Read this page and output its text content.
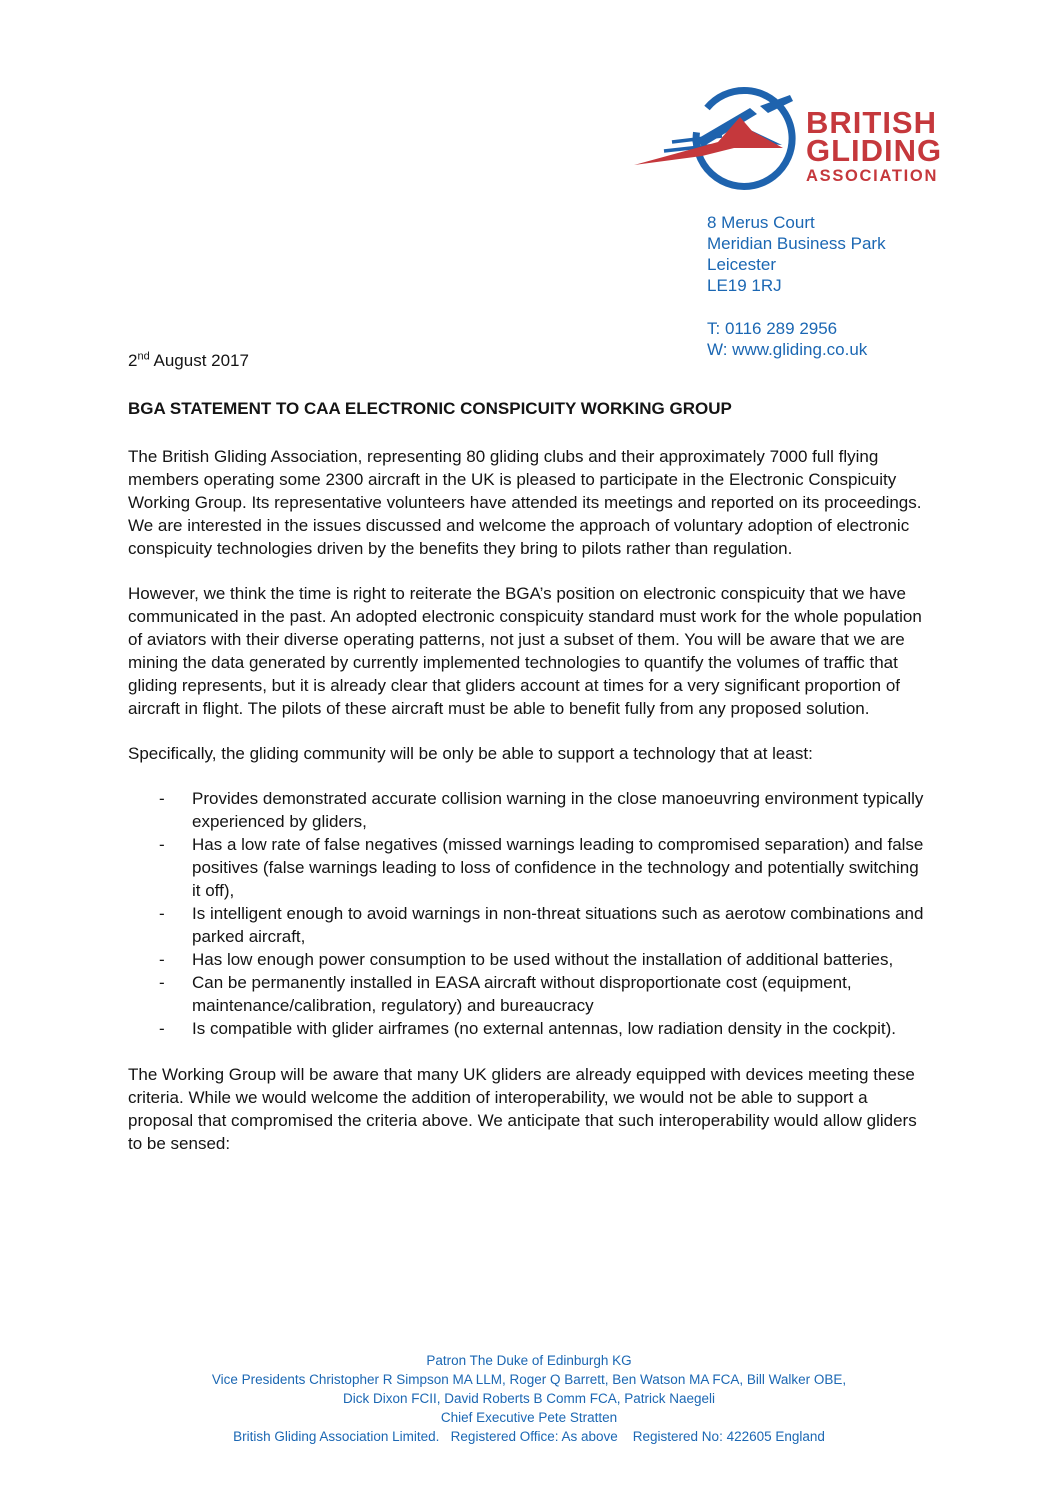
BRITISH
GLIDING
ASSOCIATION
8 Merus Court
Meridian Business Park
Leicester
LE19 1RJ
T: 0116 289 2956
W: www.gliding.co.uk
2nd August 2017
BGA STATEMENT TO CAA ELECTRONIC CONSPICUITY WORKING GROUP

The British Gliding Association, representing 80 gliding clubs and their approximately 7000 full flying members operating some 2300 aircraft in the UK is pleased to participate in the Electronic Conspicuity Working Group. Its representative volunteers have attended its meetings and reported on its proceedings. We are interested in the issues discussed and welcome the approach of voluntary adoption of electronic conspicuity technologies driven by the benefits they bring to pilots rather than regulation.

However, we think the time is right to reiterate the BGA’s position on electronic conspicuity that we have communicated in the past. An adopted electronic conspicuity standard must work for the whole population of aviators with their diverse operating patterns, not just a subset of them. You will be aware that we are mining the data generated by currently implemented technologies to quantify the volumes of traffic that gliding represents, but it is already clear that gliders account at times for a very significant proportion of aircraft in flight. The pilots of these aircraft must be able to benefit fully from any proposed solution.

Specifically, the gliding community will be only be able to support a technology that at least:

-	Provides demonstrated accurate collision warning in the close manoeuvring environment typically experienced by gliders,
-	Has a low rate of false negatives (missed warnings leading to compromised separation) and false positives (false warnings leading to loss of confidence in the technology and potentially switching it off),
-	Is intelligent enough to avoid warnings in non-threat situations such as aerotow combinations and parked aircraft,
-	Has low enough power consumption to be used without the installation of additional batteries,
-	Can be permanently installed in EASA aircraft without disproportionate cost (equipment, maintenance/calibration, regulatory) and bureaucracy
-	Is compatible with glider airframes (no external antennas, low radiation density in the cockpit).

The Working Group will be aware that many UK gliders are already equipped with devices meeting these criteria. While we would welcome the addition of interoperability, we would not be able to support a proposal that compromised the criteria above. We anticipate that such interoperability would allow gliders to be sensed:

Patron The Duke of Edinburgh KG
Vice Presidents Christopher R Simpson MA LLM, Roger Q Barrett, Ben Watson MA FCA, Bill Walker OBE,
Dick Dixon FCII, David Roberts B Comm FCA, Patrick Naegeli
Chief Executive Pete Stratten
British Gliding Association Limited.   Registered Office: As above    Registered No: 422605 England
